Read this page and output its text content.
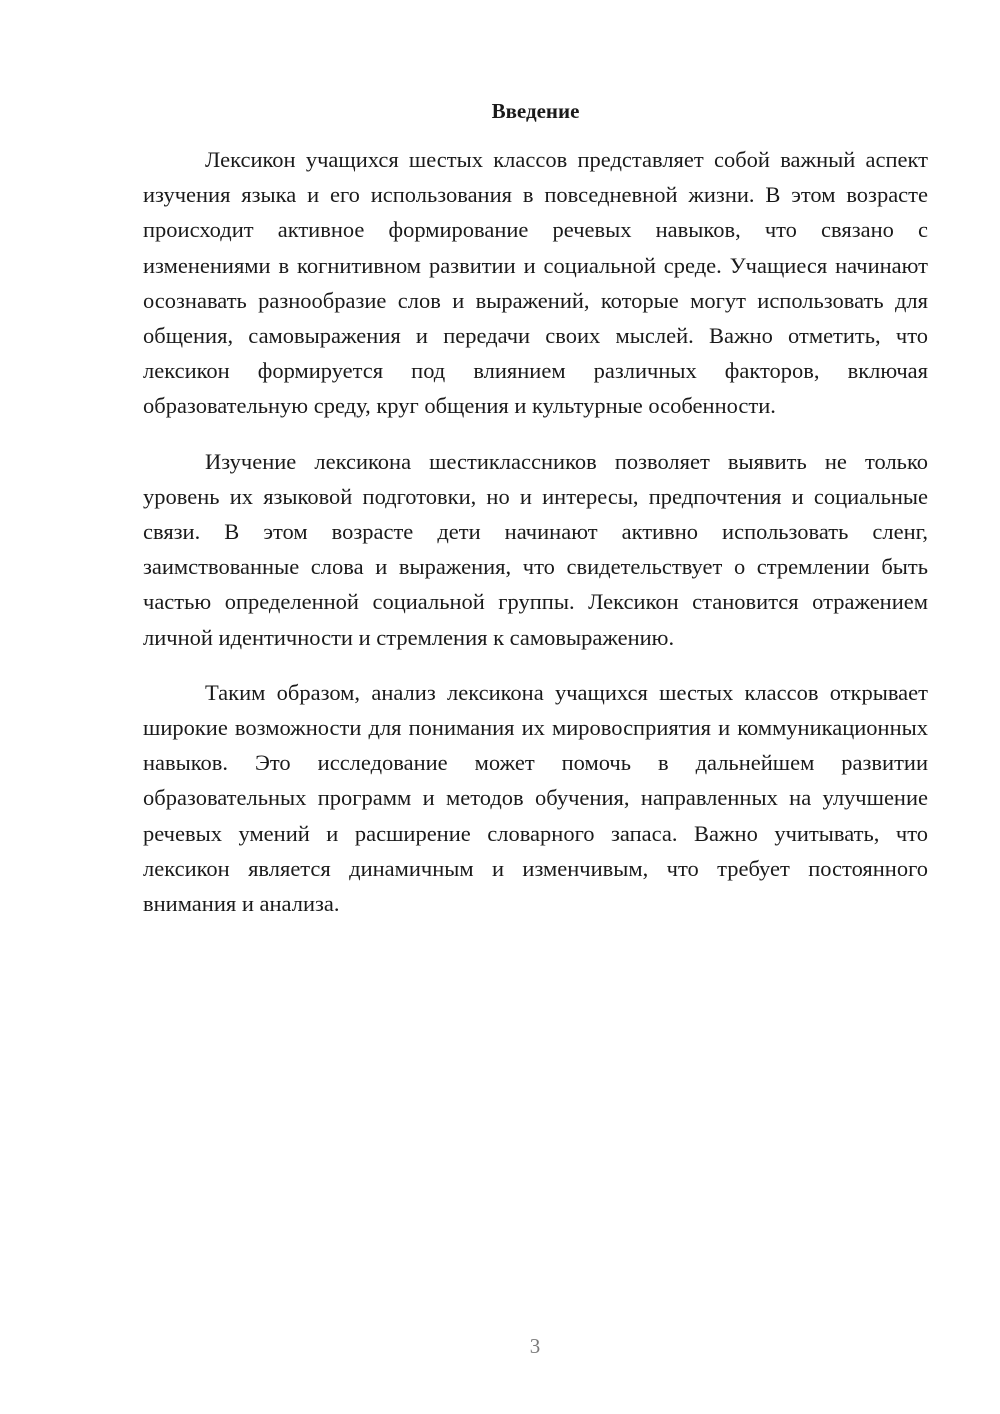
Введение

Лексикон учащихся шестых классов представляет собой важный аспект изучения языка и его использования в повседневной жизни. В этом возрасте происходит активное формирование речевых навыков, что связано с изменениями в когнитивном развитии и социальной среде. Учащиеся начинают осознавать разнообразие слов и выражений, которые могут использовать для общения, самовыражения и передачи своих мыслей. Важно отметить, что лексикон формируется под влиянием различных факторов, включая образовательную среду, круг общения и культурные особенности.

Изучение лексикона шестиклассников позволяет выявить не только уровень их языковой подготовки, но и интересы, предпочтения и социальные связи. В этом возрасте дети начинают активно использовать сленг, заимствованные слова и выражения, что свидетельствует о стремлении быть частью определенной социальной группы. Лексикон становится отражением личной идентичности и стремления к самовыражению.

Таким образом, анализ лексикона учащихся шестых классов открывает широкие возможности для понимания их мировосприятия и коммуникационных навыков. Это исследование может помочь в дальнейшем развитии образовательных программ и методов обучения, направленных на улучшение речевых умений и расширение словарного запаса. Важно учитывать, что лексикон является динамичным и изменчивым, что требует постоянного внимания и анализа.

3
